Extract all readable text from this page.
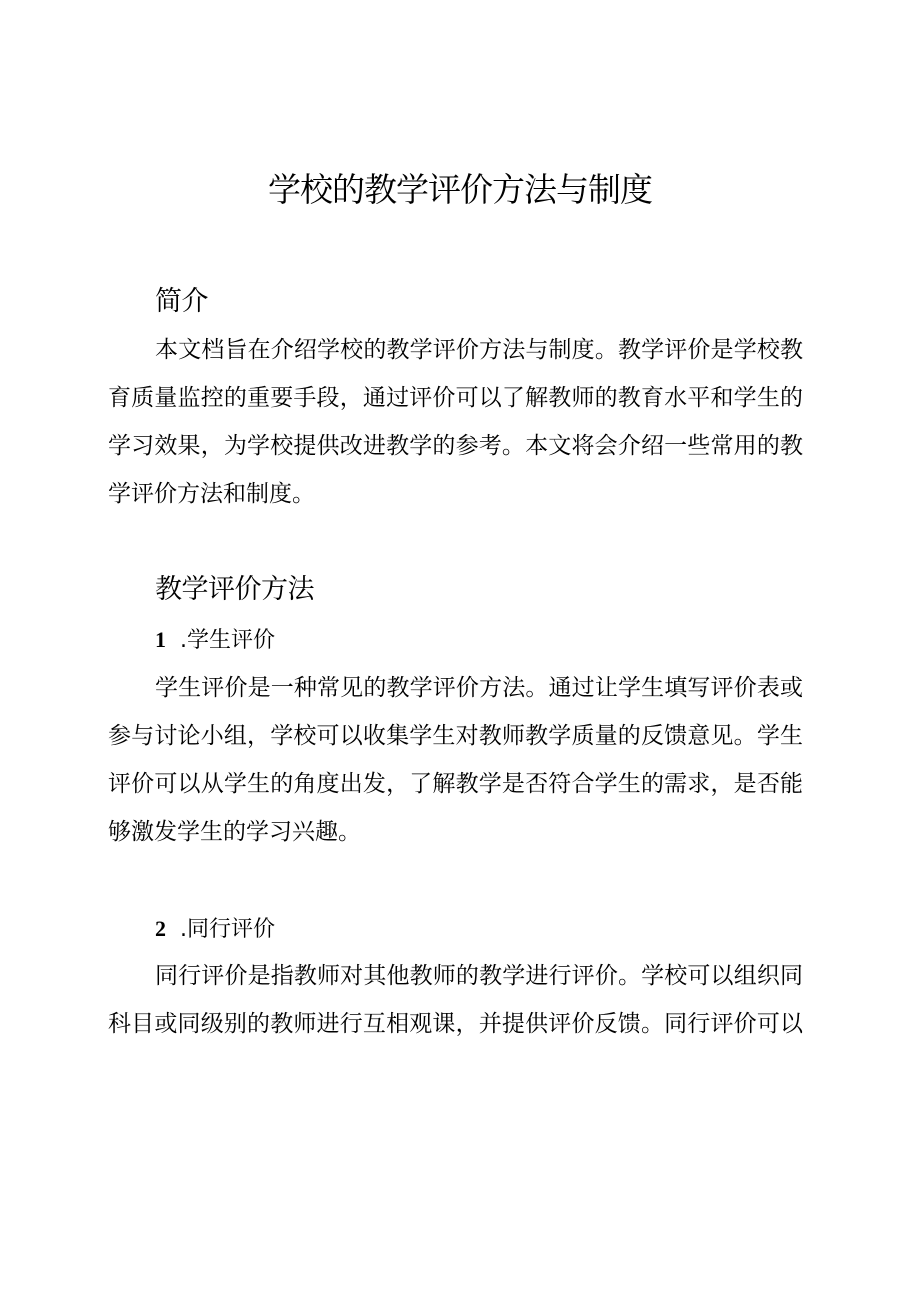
学校的教学评价方法与制度
简介
本文档旨在介绍学校的教学评价方法与制度。教学评价是学校教
育质量监控的重要手段，通过评价可以了解教师的教育水平和学生的
学习效果，为学校提供改进教学的参考。本文将会介绍一些常用的教
学评价方法和制度。
教学评价方法
1 .学生评价
学生评价是一种常见的教学评价方法。通过让学生填写评价表或
参与讨论小组，学校可以收集学生对教师教学质量的反馈意见。学生
评价可以从学生的角度出发，了解教学是否符合学生的需求，是否能
够激发学生的学习兴趣。
2 .同行评价
同行评价是指教师对其他教师的教学进行评价。学校可以组织同
科目或同级别的教师进行互相观课，并提供评价反馈。同行评价可以
